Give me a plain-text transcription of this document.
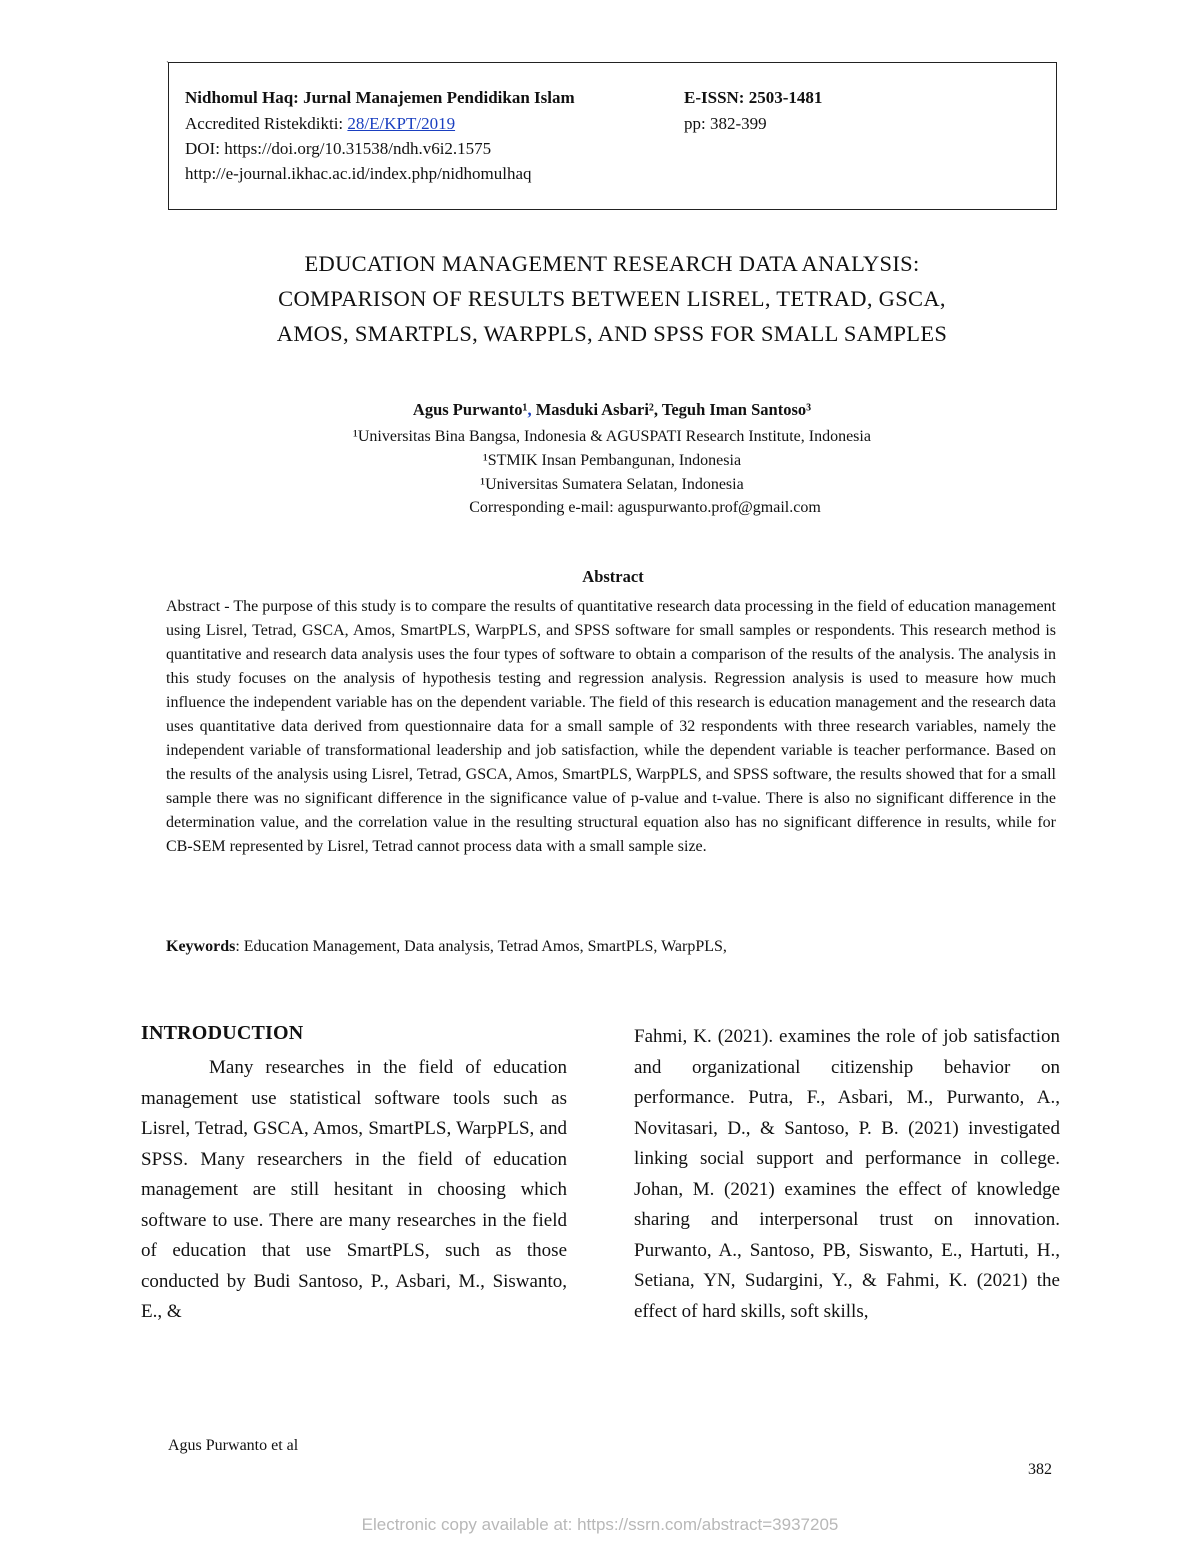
`
Nidhomul Haq: Jurnal Manajemen Pendidikan Islam	E-ISSN: 2503-1481
Accredited Ristekdikti: 28/E/KPT/2019	pp: 382-399
DOI: https://doi.org/10.31538/ndh.v6i2.1575
http://e-journal.ikhac.ac.id/index.php/nidhomulhaq
EDUCATION MANAGEMENT RESEARCH DATA ANALYSIS:
COMPARISON OF RESULTS BETWEEN LISREL, TETRAD, GSCA,
AMOS, SMARTPLS, WARPPLS, AND SPSS FOR SMALL SAMPLES
Agus Purwanto¹, Masduki Asbari², Teguh Iman Santoso³
¹Universitas Bina Bangsa, Indonesia & AGUSPATI Research Institute, Indonesia
¹STMIK Insan Pembangunan, Indonesia
¹Universitas Sumatera Selatan, Indonesia
Corresponding e-mail: aguspurwanto.prof@gmail.com
Abstract
Abstract - The purpose of this study is to compare the results of quantitative research data processing in the field of education management using Lisrel, Tetrad, GSCA, Amos, SmartPLS, WarpPLS, and SPSS software for small samples or respondents. This research method is quantitative and research data analysis uses the four types of software to obtain a comparison of the results of the analysis. The analysis in this study focuses on the analysis of hypothesis testing and regression analysis. Regression analysis is used to measure how much influence the independent variable has on the dependent variable. The field of this research is education management and the research data uses quantitative data derived from questionnaire data for a small sample of 32 respondents with three research variables, namely the independent variable of transformational leadership and job satisfaction, while the dependent variable is teacher performance. Based on the results of the analysis using Lisrel, Tetrad, GSCA, Amos, SmartPLS, WarpPLS, and SPSS software, the results showed that for a small sample there was no significant difference in the significance value of p-value and t-value. There is also no significant difference in the determination value, and the correlation value in the resulting structural equation also has no significant difference in results, while for CB-SEM represented by Lisrel, Tetrad cannot process data with a small sample size.
Keywords: Education Management, Data analysis, Tetrad Amos, SmartPLS, WarpPLS,
INTRODUCTION
Many researches in the field of education management use statistical software tools such as Lisrel, Tetrad, GSCA, Amos, SmartPLS, WarpPLS, and SPSS. Many researchers in the field of education management are still hesitant in choosing which software to use. There are many researches in the field of education that use SmartPLS, such as those conducted by Budi Santoso, P., Asbari, M., Siswanto, E., &
Fahmi, K. (2021). examines the role of job satisfaction and organizational citizenship behavior on performance. Putra, F., Asbari, M., Purwanto, A., Novitasari, D., & Santoso, P. B. (2021) investigated linking social support and performance in college. Johan, M. (2021) examines the effect of knowledge sharing and interpersonal trust on innovation. Purwanto, A., Santoso, PB, Siswanto, E., Hartuti, H., Setiana, YN, Sudargini, Y., & Fahmi, K. (2021) the effect of hard skills, soft skills,
Agus Purwanto et al
382
Electronic copy available at: https://ssrn.com/abstract=3937205
